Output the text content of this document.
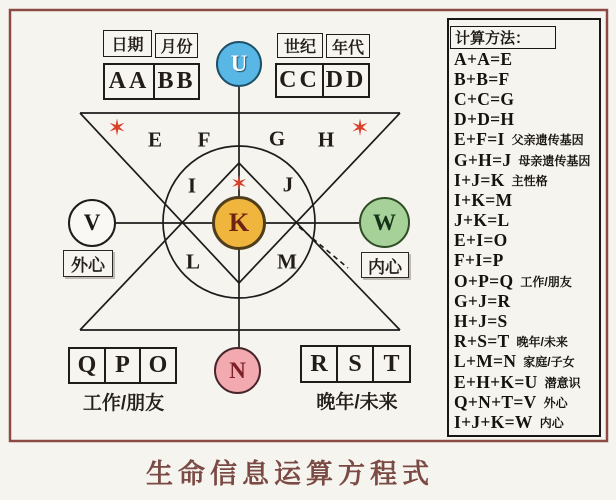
日期	月份	世纪 年代
AA BB	CC DD
U
V	W
K
N
外心	内心
E F	G H
I	J
L	M
✶	✶
✶
Q P O	R S T
工作/朋友	晚年/未来
计算方法：
A+A=E
B+B=F
C+C=G
D+D=H
E+F=I 父亲遗传基因
G+H=J 母亲遗传基因
I+J=K 主性格
I+K=M
J+K=L
E+I=O
F+I=P
O+P=Q 工作/朋友
G+J=R
H+J=S
R+S=T 晚年/未来
L+M=N 家庭/子女
E+H+K=U 潜意识
Q+N+T=V 外心
I+J+K=W 内心
生命信息运算方程式
